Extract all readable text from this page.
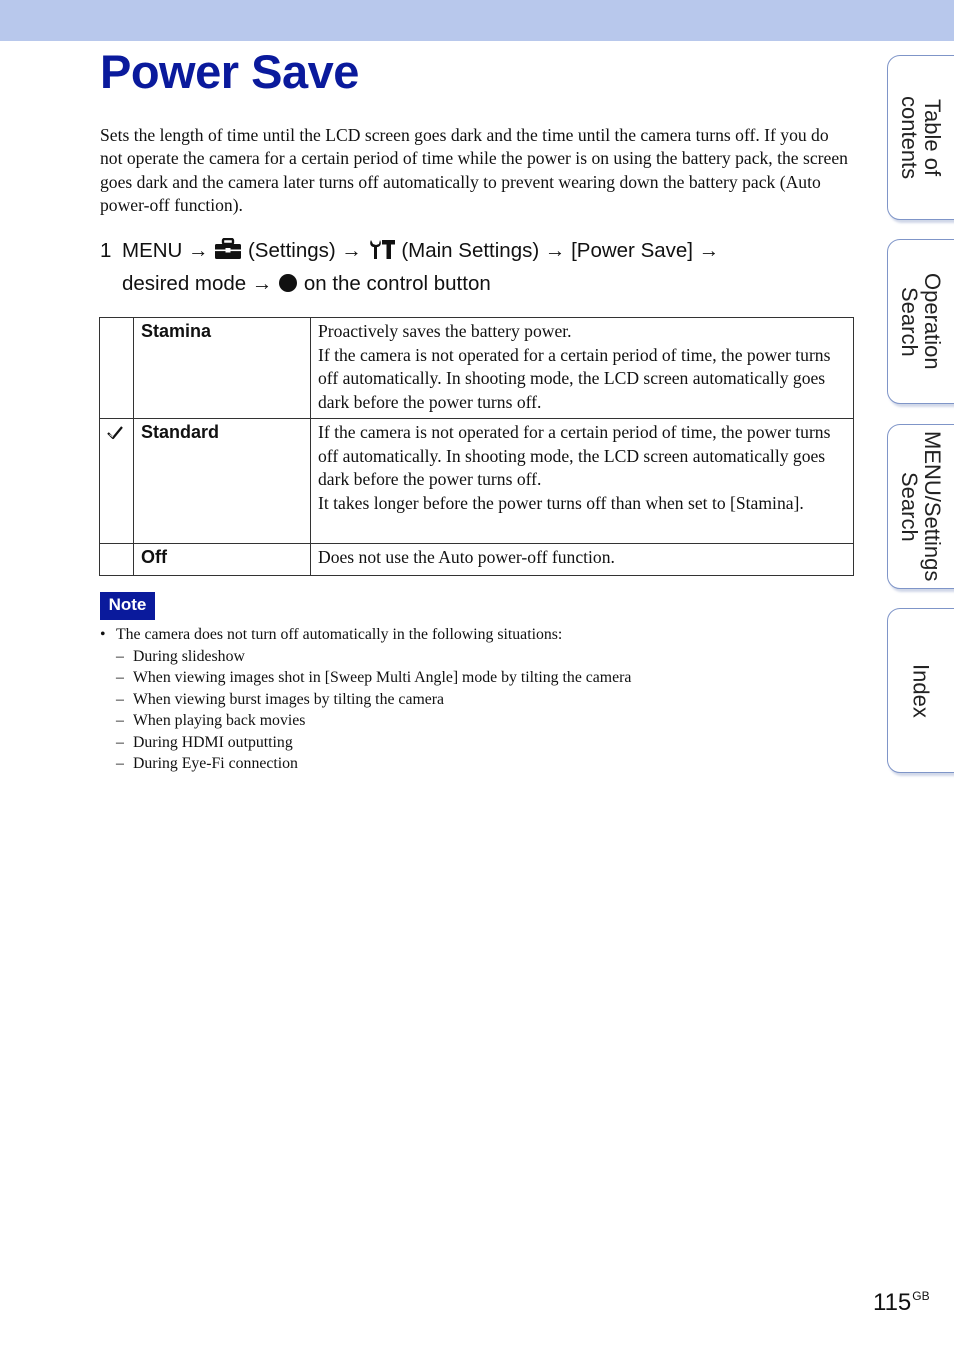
Power Save

Sets the length of time until the LCD screen goes dark and the time until the camera turns off. If you do not operate the camera for a certain period of time while the power is on using the battery pack, the screen goes dark and the camera later turns off automatically to prevent wearing down the battery pack (Auto power-off function).

1 MENU → (Settings) → (Main Settings) → [Power Save] →
desired mode → on the control button
	Stamina	Proactively saves the battery power.
If the camera is not operated for a certain period of time, the power turns off automatically. In shooting mode, the LCD screen automatically goes dark before the power turns off.

	Standard	If the camera is not operated for a certain period of time, the power turns off automatically. In shooting mode, the LCD screen automatically goes dark before the power turns off.
It takes longer before the power turns off than when set to [Stamina].

	Off	Does not use the Auto power-off function.
Note
• The camera does not turn off automatically in the following situations:
– During slideshow
– When viewing images shot in [Sweep Multi Angle] mode by tilting the camera
– When viewing burst images by tilting the camera
– When playing back movies
– During HDMI outputting
– During Eye-Fi connection
Table of
contents
Operation
Search
MENU/Settings
Search
Index
$115^{GB}$
